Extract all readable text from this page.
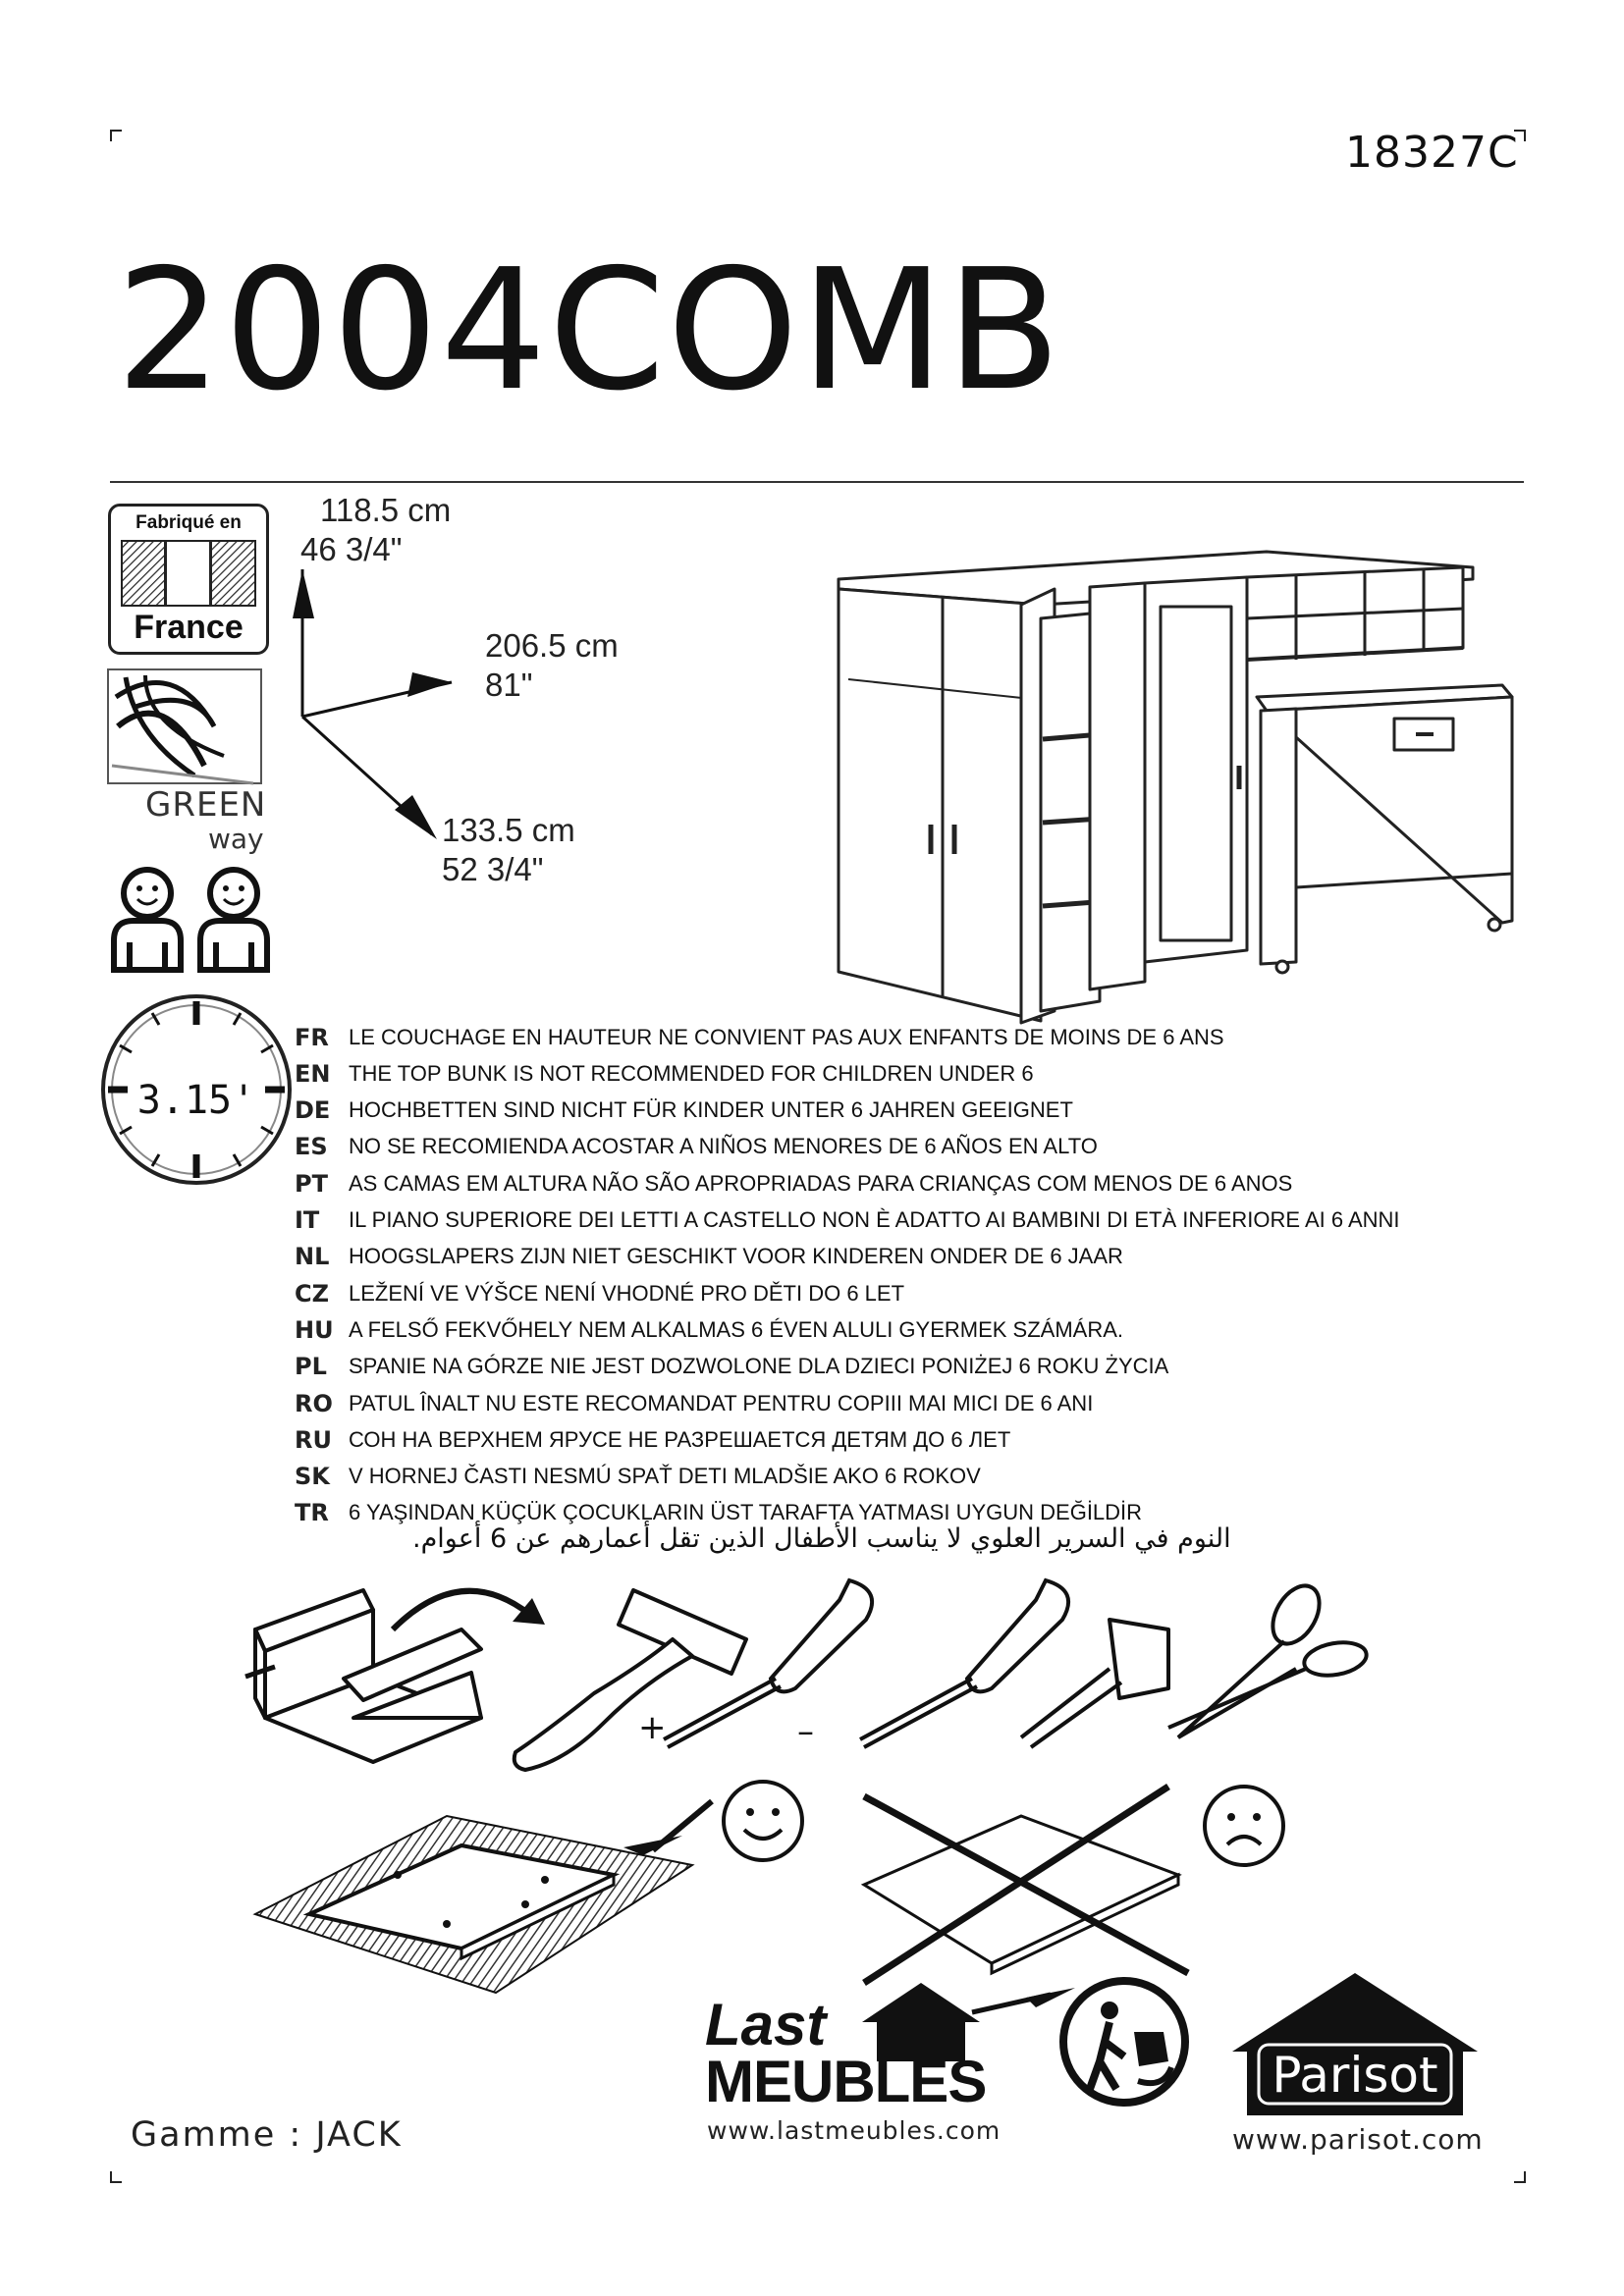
18327C
2004COMB
Fabriqué en
France
GREEN
way
3.15'
118.5 cm
46 3/4"
206.5 cm
81"
133.5 cm
52 3/4"
FR LE COUCHAGE EN HAUTEUR NE CONVIENT PAS AUX ENFANTS DE MOINS DE 6 ANS
EN THE TOP BUNK IS NOT RECOMMENDED FOR CHILDREN UNDER 6
DE HOCHBETTEN SIND NICHT FÜR KINDER UNTER 6 JAHREN GEEIGNET
ES NO SE RECOMIENDA ACOSTAR A NIÑOS MENORES DE 6 AÑOS EN ALTO
PT AS CAMAS EM ALTURA NÃO SÃO APROPRIADAS PARA CRIANÇAS COM MENOS DE 6 ANOS
IT	IL PIANO SUPERIORE DEI LETTI A CASTELLO NON È ADATTO AI BAMBINI DI ETÀ INFERIORE AI 6 ANNI
NL HOOGSLAPERS ZIJN NIET GESCHIKT VOOR KINDEREN ONDER DE 6 JAAR
CZ LEŽENÍ VE VÝŠCE NENÍ VHODNÉ PRO DĚTI DO 6 LET
HU A FELSŐ FEKVŐHELY NEM ALKALMAS 6 ÉVEN ALULI GYERMEK SZÁMÁRA.
PL	SPANIE NA GÓRZE NIE JEST DOZWOLONE DLA DZIECI PONIŻEJ 6 ROKU ŻYCIA
RO PATUL ÎNALT NU ESTE RECOMANDAT PENTRU COPIII MAI MICI DE 6 ANI
RU СОН НА ВЕРХНЕМ ЯРУСЕ НЕ РАЗРЕШАЕТСЯ ДЕТЯМ ДО 6 ЛЕТ
SK V HORNEJ ČASTI NESMÚ SPAŤ DETI MLADŠIE AKO 6 ROKOV
TR 6 YAŞINDAN KÜÇÜK ÇOCUKLARIN ÜST TARAFTA YATMASI UYGUN DEĞİLDİR
النوم في السرير العلوي لا يناسب الأطفال الذين تقل أعمارهم عن 6 أعوام.
+	–
Last
MEUBLES
www.lastmeubles.com
Parisot
www.parisot.com
Gamme : JACK
